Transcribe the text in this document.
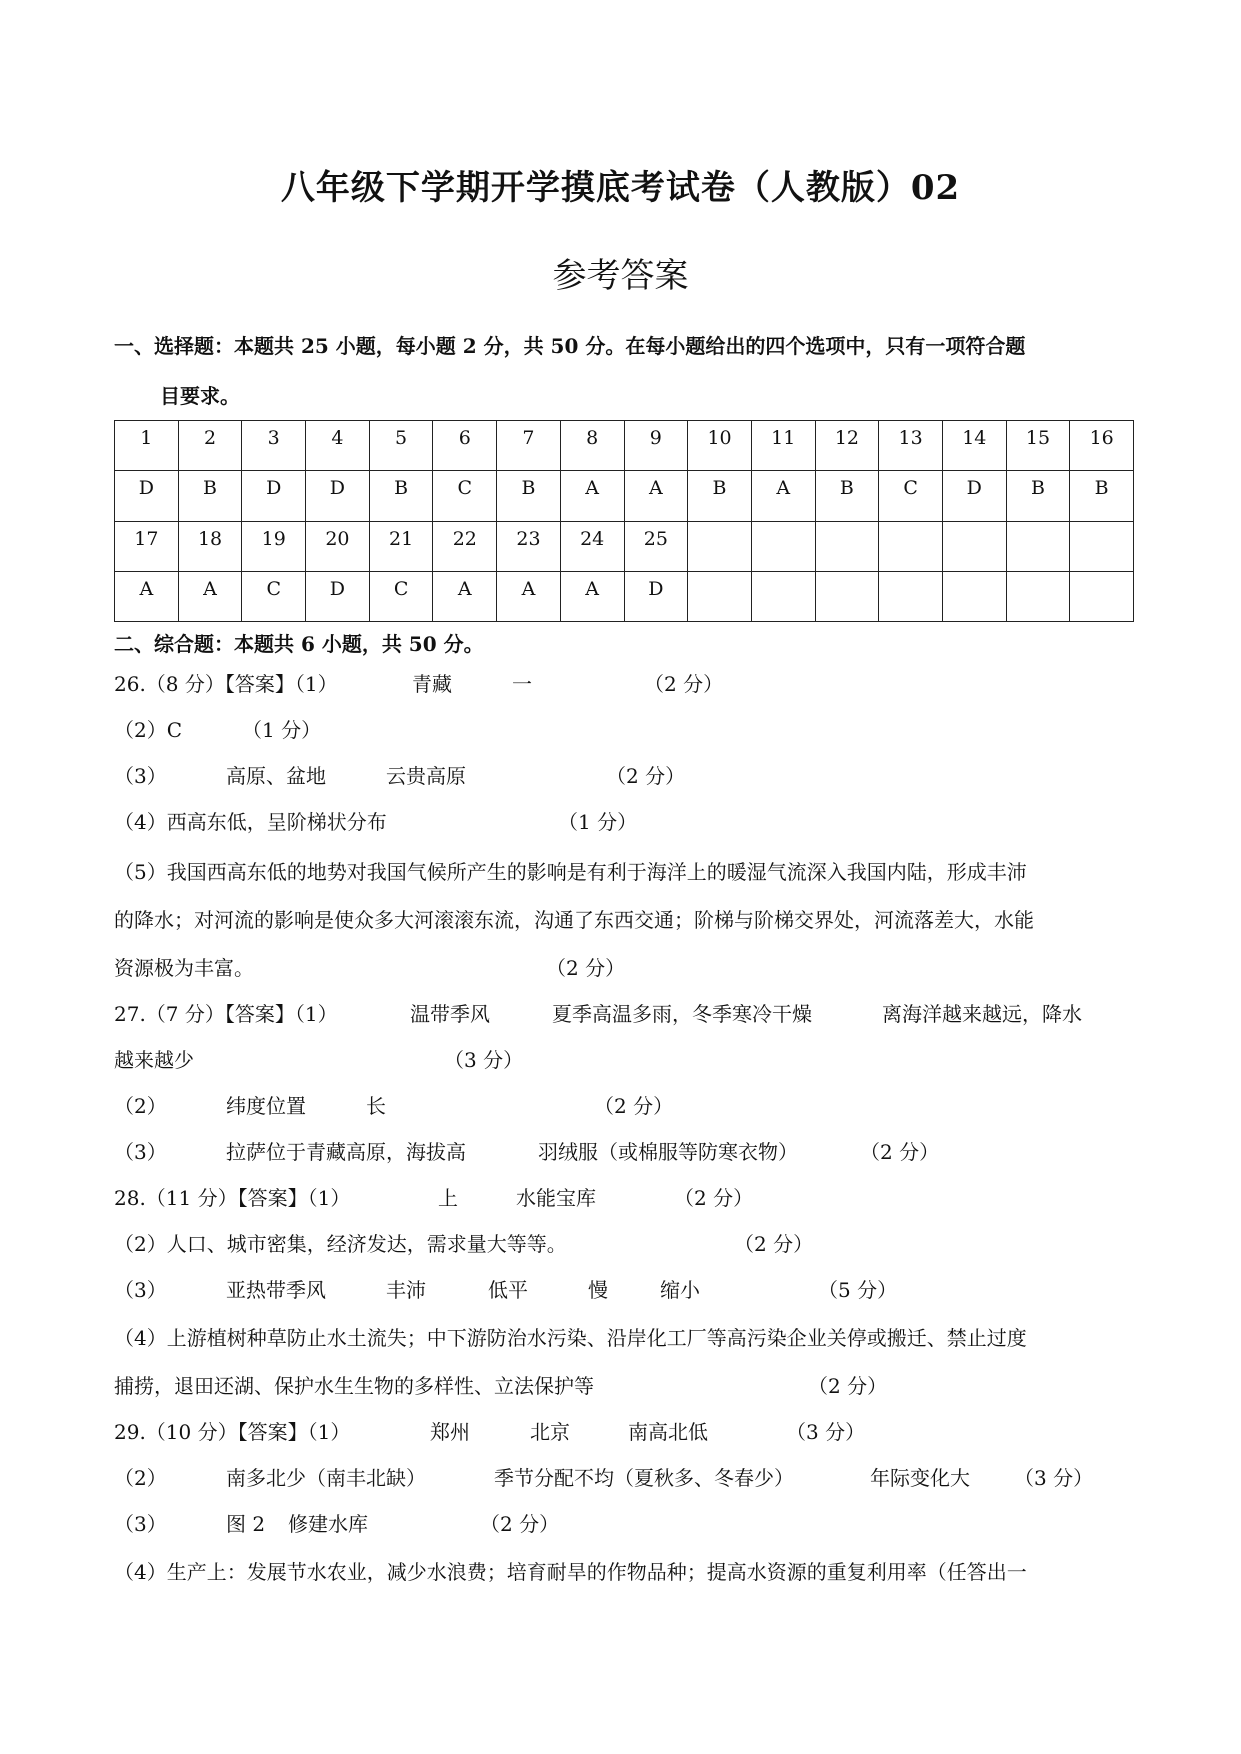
八年级下学期开学摸底考试卷（人教版）02
参考答案
一、选择题：本题共 25 小题，每小题 2 分，共 50 分。在每小题给出的四个选项中，只有一项符合题
目要求。
1	2	3	4	5	6	7	8	9	10	11	12	13	14	15	16
D	B	D	D	B	C	B	A	A	B	A	B	C	D	B	B
17	18	19	20	21	22	23	24	25							
A	A	C	D	C	A	A	A	D							
二、综合题：本题共 6 小题，共 50 分。
26.（8 分）【答案】（1）	青藏	一	（2 分）
（2）C	（1 分）
（3）	高原、盆地	云贵高原	（2 分）
（4）西高东低，呈阶梯状分布	（1 分）
（5）我国西高东低的地势对我国气候所产生的影响是有利于海洋上的暖湿气流深入我国内陆，形成丰沛
的降水；对河流的影响是使众多大河滚滚东流，沟通了东西交通；阶梯与阶梯交界处，河流落差大，水能
资源极为丰富。	（2 分）
27.（7 分）【答案】（1）	温带季风	夏季高温多雨，冬季寒冷干燥	离海洋越来越远，降水
越来越少	（3 分）
（2）	纬度位置	长	（2 分）
（3）	拉萨位于青藏高原，海拔高	羽绒服（或棉服等防寒衣物）	（2 分）
28.（11 分）【答案】（1）	上	水能宝库	（2 分）
（2）人口、城市密集，经济发达，需求量大等等。	（2 分）
（3）	亚热带季风	丰沛	低平	慢	缩小	（5 分）
（4）上游植树种草防止水土流失；中下游防治水污染、沿岸化工厂等高污染企业关停或搬迁、禁止过度
捕捞，退田还湖、保护水生生物的多样性、立法保护等	（2 分）
29.（10 分）【答案】（1）	郑州	北京	南高北低	（3 分）
（2）	南多北少（南丰北缺）	季节分配不均（夏秋多、冬春少）	年际变化大 （3 分）
（3）	图 2 修建水库	（2 分）
（4）生产上：发展节水农业，减少水浪费；培育耐旱的作物品种；提高水资源的重复利用率（任答出一
